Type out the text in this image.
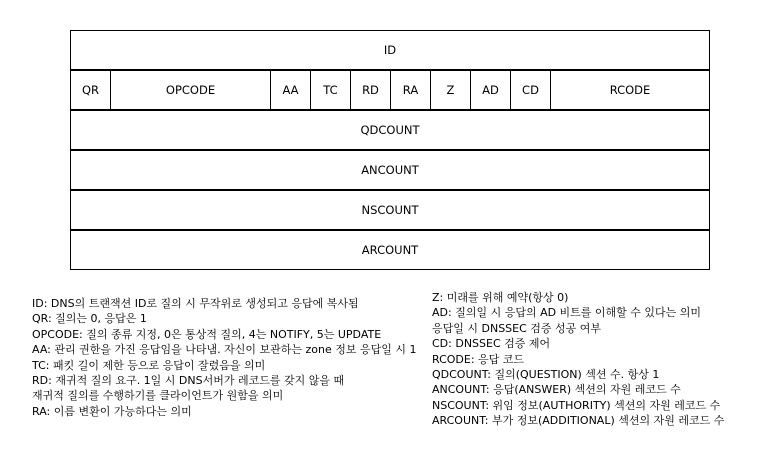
ID
QR	OPCODE	AA	TC	RD	RA	Z	AD	CD	RCODE
QDCOUNT
ANCOUNT
NSCOUNT
ARCOUNT
ID: DNS의 트랜잭션 ID로 질의 시 무작위로 생성되고 응답에 복사됨
QR: 질의는 0, 응답은 1
OPCODE: 질의 종류 지정, 0은 통상적 질의, 4는 NOTIFY, 5는 UPDATE
AA: 관리 권한을 가진 응답임을 나타냄. 자신이 보관하는 zone 정보 응답일 시 1
TC: 패킷 길이 제한 등으로 응답이 잘렸음을 의미
RD: 재귀적 질의 요구. 1일 시 DNS서버가 레코드를 갖지 않을 때
재귀적 질의를 수행하기를 클라이언트가 원함을 의미
RA: 이름 변환이 가능하다는 의미
Z: 미래를 위해 예약(항상 0)
AD: 질의일 시 응답의 AD 비트를 이해할 수 있다는 의미
응답일 시 DNSSEC 검증 성공 여부
CD: DNSSEC 검증 제어
RCODE: 응답 코드
QDCOUNT: 질의(QUESTION) 섹션 수. 항상 1
ANCOUNT: 응답(ANSWER) 섹션의 자원 레코드 수
NSCOUNT: 위임 정보(AUTHORITY) 섹션의 자원 레코드 수
ARCOUNT: 부가 정보(ADDITIONAL) 섹션의 자원 레코드 수
